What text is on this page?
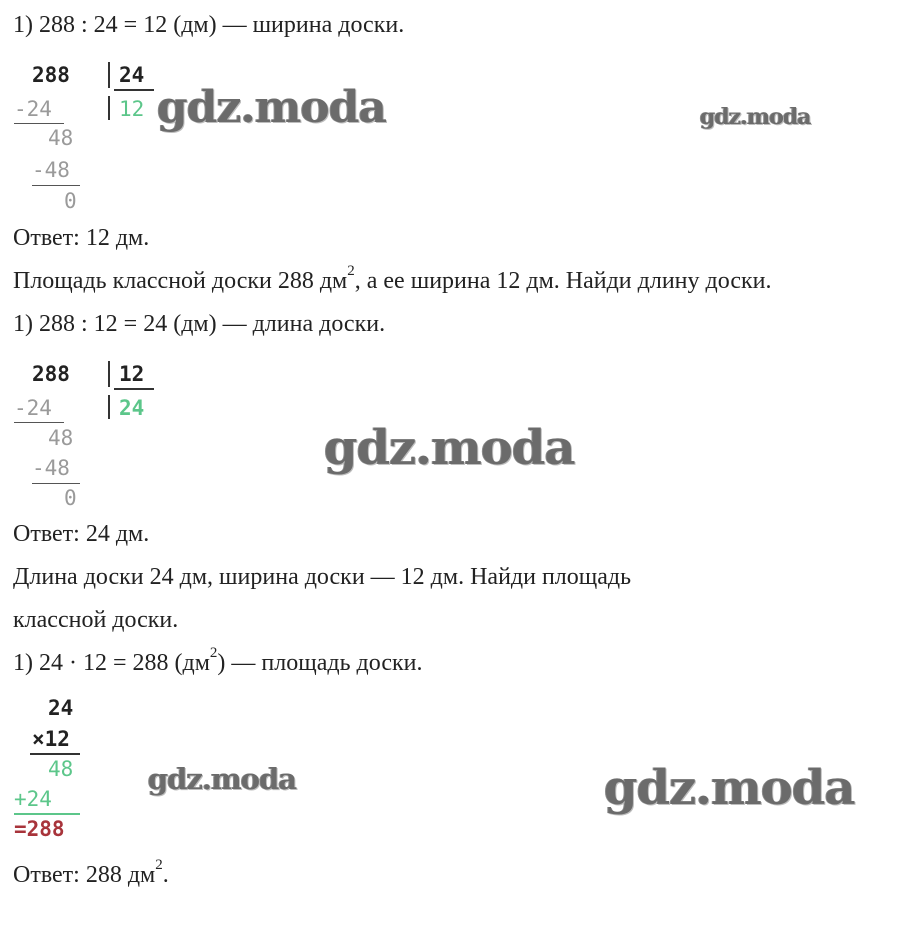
1) 288 : 24 = 12 (дм) — ширина доски.
288 24
12
-24
48
-48
0
Ответ: 12 дм.
Площадь классной доски 288 $дм^2$, а ее ширина 12 дм. Найди длину доски.
1) 288 : 12 = 24 (дм) — длина доски.
288 12
24
-24
48
-48
0
Ответ: 24 дм.
Длина доски 24 дм, ширина доски — 12 дм. Найди площадь
классной доски.
1) 24 · 12 = 288 $(дм^2)$ — площадь доски.
24
×12
48
+24
=288
Ответ: 288 $дм^2$.
gdz.moda	gdz.moda
gdz.moda
gdz.moda	gdz.moda
